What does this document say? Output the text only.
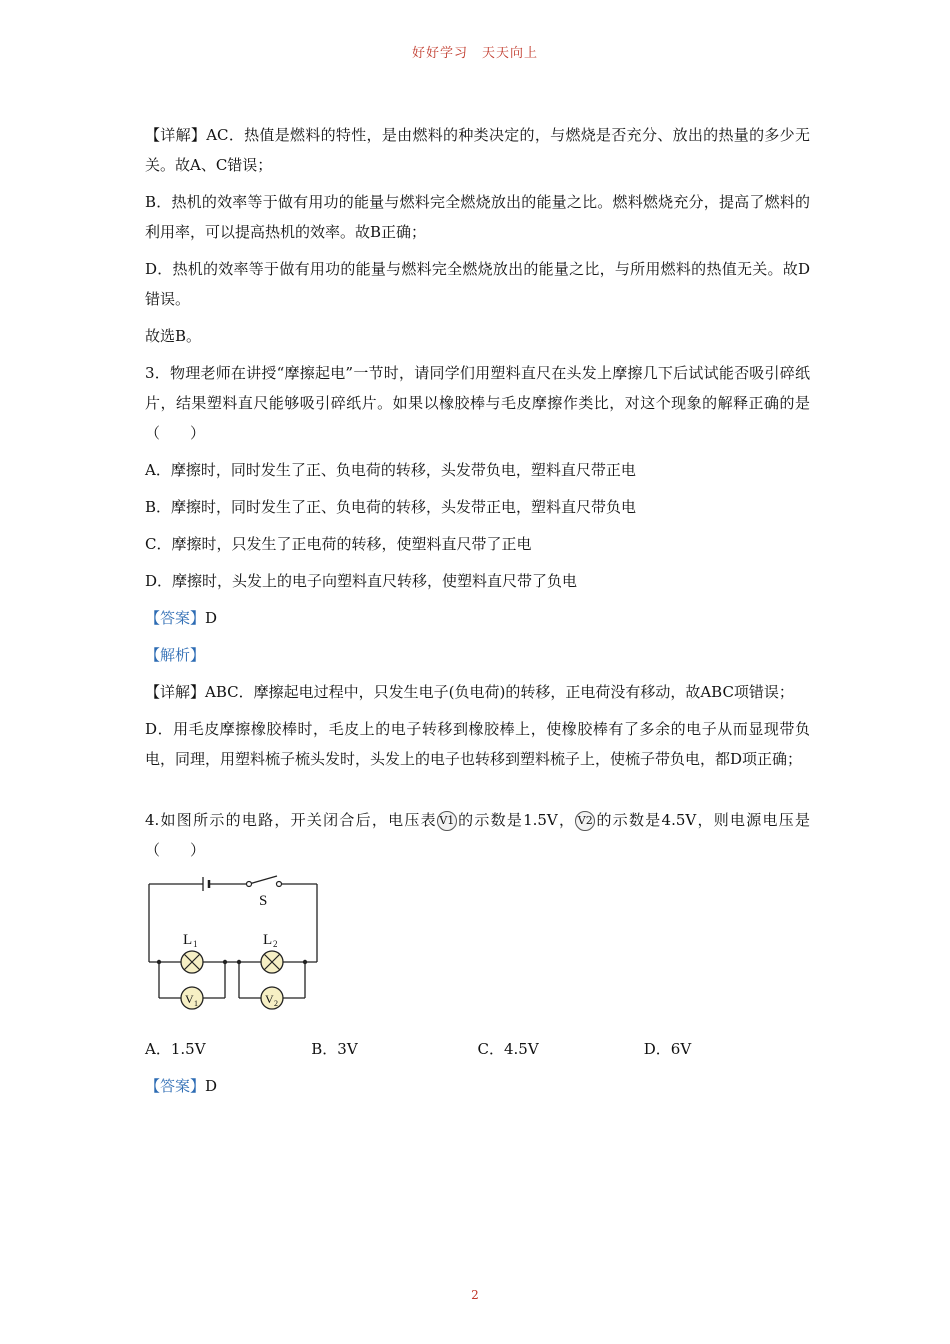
好好学习　天天向上

【详解】AC．热值是燃料的特性，是由燃料的种类决定的，与燃烧是否充分、放出的热量的多少无关。故A、C错误；

B．热机的效率等于做有用功的能量与燃料完全燃烧放出的能量之比。燃料燃烧充分，提高了燃料的利用率，可以提高热机的效率。故B正确；

D．热机的效率等于做有用功的能量与燃料完全燃烧放出的能量之比，与所用燃料的热值无关。故D错误。

故选B。

3．物理老师在讲授“摩擦起电”一节时，请同学们用塑料直尺在头发上摩擦几下后试试能否吸引碎纸片，结果塑料直尺能够吸引碎纸片。如果以橡胶棒与毛皮摩擦作类比，对这个现象的解释正确的是（　　）

A．摩擦时，同时发生了正、负电荷的转移，头发带负电，塑料直尺带正电

B．摩擦时，同时发生了正、负电荷的转移，头发带正电，塑料直尺带负电

C．摩擦时，只发生了正电荷的转移，使塑料直尺带了正电

D．摩擦时，头发上的电子向塑料直尺转移，使塑料直尺带了负电

【答案】D

【解析】

【详解】ABC．摩擦起电过程中，只发生电子(负电荷)的转移，正电荷没有移动，故ABC项错误；

D．用毛皮摩擦橡胶棒时，毛皮上的电子转移到橡胶棒上，使橡胶棒有了多余的电子从而显现带负电，同理，用塑料梳子梳头发时，头发上的电子也转移到塑料梳子上，使梳子带负电，都D项正确；

4.如图所示的电路，开关闭合后，电压表 V1 的示数是1.5V， V2 的示数是4.5V，则电源电压是（　　）

S
L 1	L 2
V 1	V 2
A．1.5V	B．3V	C．4.5V	D．6V

【答案】D

2
